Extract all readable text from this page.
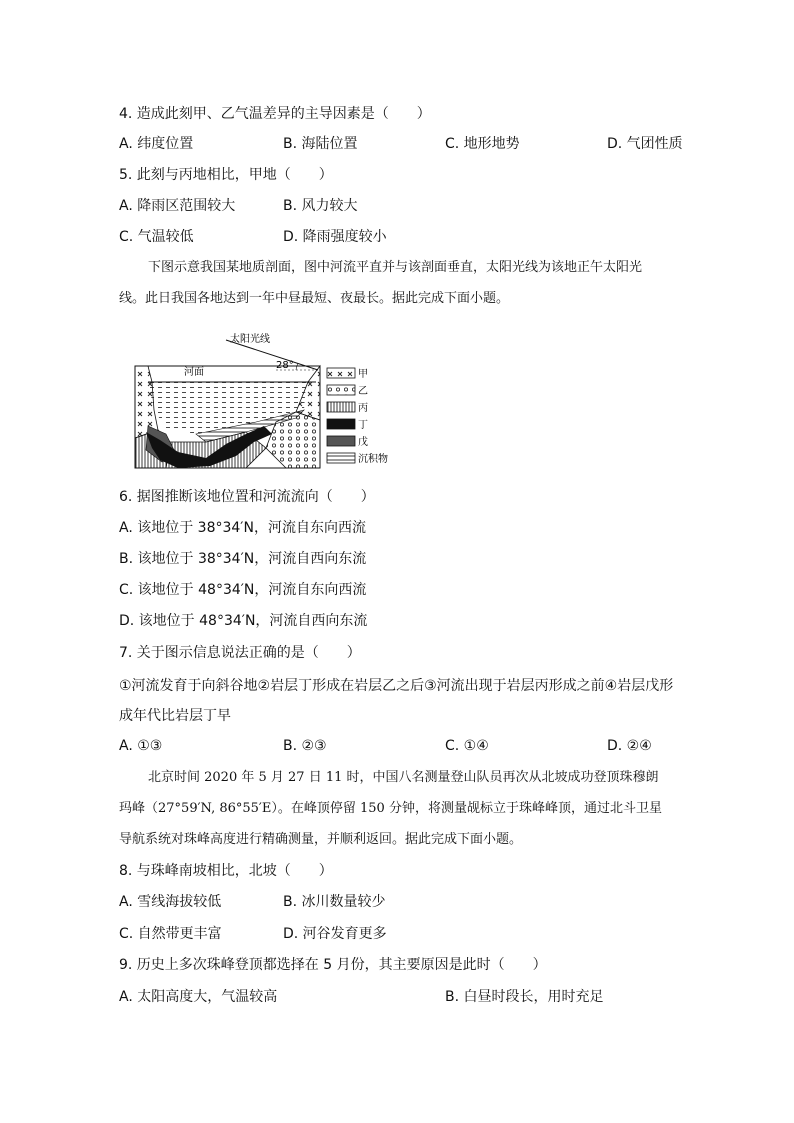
4. 造成此刻甲、乙气温差异的主导因素是（　　）
A. 纬度位置	B. 海陆位置	C. 地形地势	D. 气团性质
5. 此刻与丙地相比，甲地（　　）
A. 降雨区范围较大	B. 风力较大
C. 气温较低	D. 降雨强度较小
下图示意我国某地质剖面，图中河流平直并与该剖面垂直，太阳光线为该地正午太阳光
线。此日我国各地达到一年中昼最短、夜最长。据此完成下面小题。
太阳光线
28°
河面	甲
乙
丙
丁
戊
沉积物
6. 据图推断该地位置和河流流向（　　）
A. 该地位于 38°34′N，河流自东向西流
B. 该地位于 38°34′N，河流自西向东流
C. 该地位于 48°34′N，河流自东向西流
D. 该地位于 48°34′N，河流自西向东流
7. 关于图示信息说法正确的是（　　）
①河流发育于向斜谷地②岩层丁形成在岩层乙之后③河流出现于岩层丙形成之前④岩层戊形
成年代比岩层丁早
A. ①③	B. ②③	C. ①④	D. ②④
北京时间 2020 年 5 月 27 日 11 时，中国八名测量登山队员再次从北坡成功登顶珠穆朗
玛峰（27°59′N, 86°55′E）。在峰顶停留 150 分钟，将测量觇标立于珠峰峰顶，通过北斗卫星
导航系统对珠峰高度进行精确测量，并顺利返回。据此完成下面小题。
8. 与珠峰南坡相比，北坡（　　）
A. 雪线海拔较低	B. 冰川数量较少
C. 自然带更丰富	D. 河谷发育更多
9. 历史上多次珠峰登顶都选择在 5 月份，其主要原因是此时（　　）
A. 太阳高度大，气温较高	B. 白昼时段长，用时充足
